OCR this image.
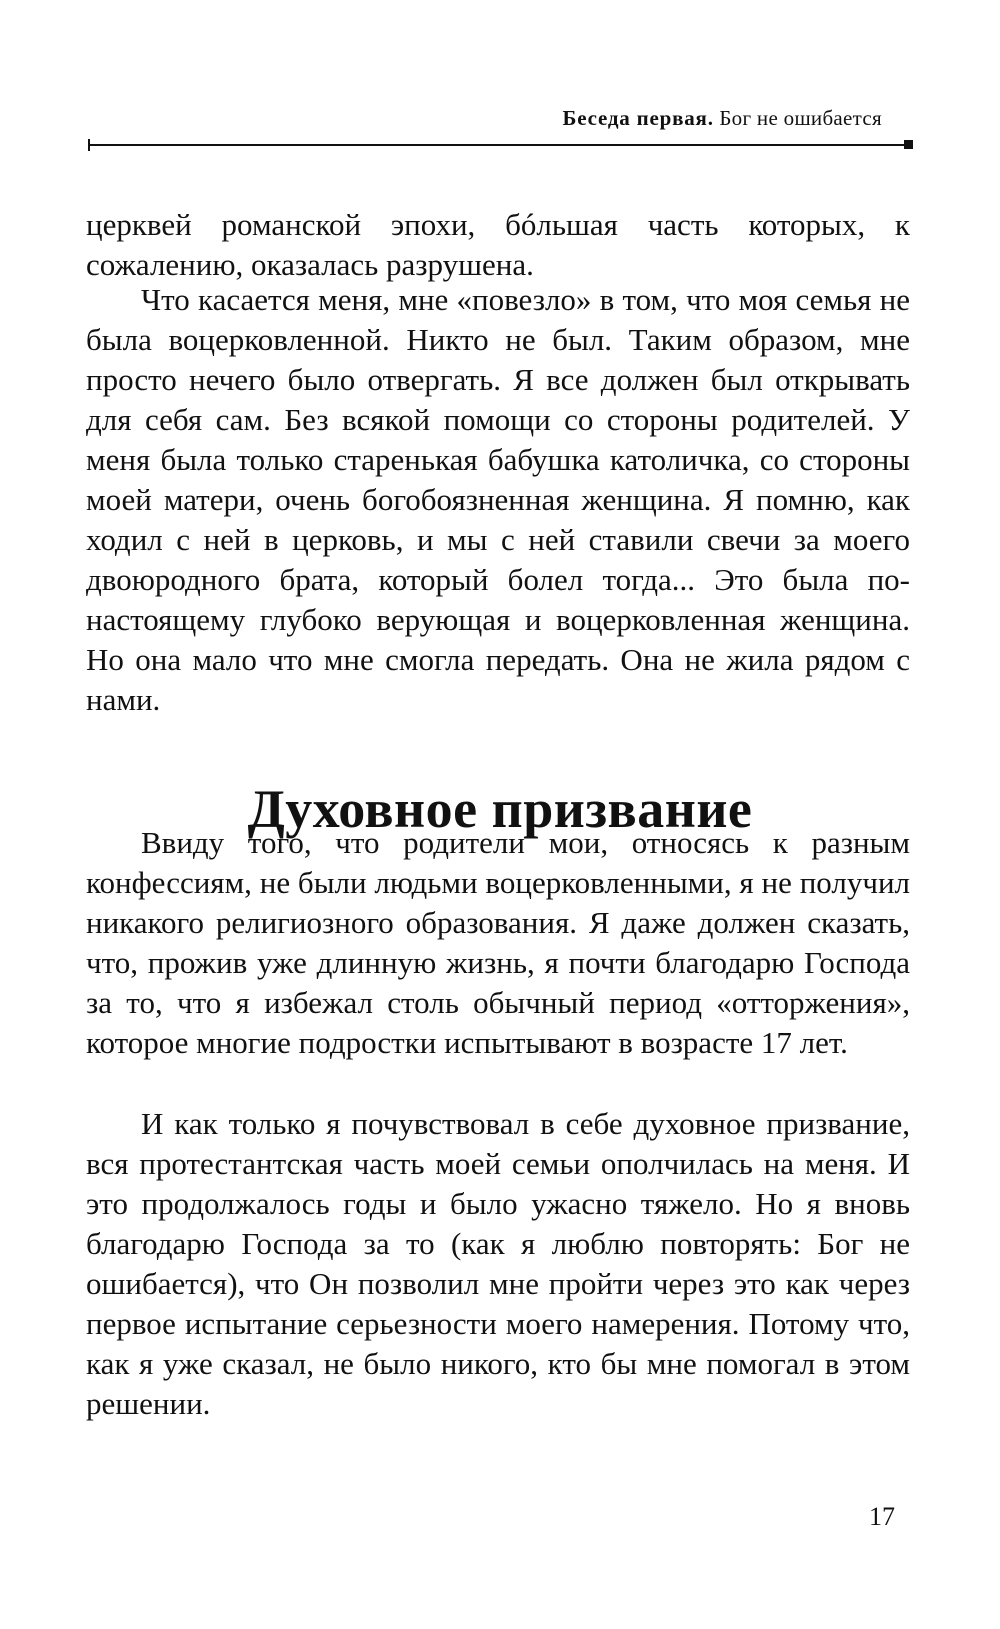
Беседа первая. Бог не ошибается

церквей романской эпохи, бóльшая часть которых, к сожалению, оказалась разрушена.

Что касается меня, мне «повезло» в том, что моя семья не была воцерковленной. Никто не был. Таким образом, мне просто нечего было отвергать. Я все должен был открывать для себя сам. Без всякой помощи со стороны родителей. У меня была только старенькая бабушка католичка, со стороны моей матери, очень богобоязненная женщина. Я помню, как ходил с ней в церковь, и мы с ней ставили свечи за моего двоюродного брата, который болел тогда... Это была по-настоящему глубоко верующая и воцерковленная женщина. Но она мало что мне смогла передать. Она не жила рядом с нами.

Духовное призвание

Ввиду того, что родители мои, относясь к разным конфессиям, не были людьми воцерковленными, я не получил никакого религиозного образования. Я даже должен сказать, что, прожив уже длинную жизнь, я почти благодарю Господа за то, что я избежал столь обычный период «отторжения», которое многие подростки испытывают в возрасте 17 лет.

И как только я почувствовал в себе духовное призвание, вся протестантская часть моей семьи ополчилась на меня. И это продолжалось годы и было ужасно тяжело. Но я вновь благодарю Господа за то (как я люблю повторять: Бог не ошибается), что Он позволил мне пройти через это как через первое испытание серьезности моего намерения. Потому что, как я уже сказал, не было никого, кто бы мне помогал в этом решении.

17
